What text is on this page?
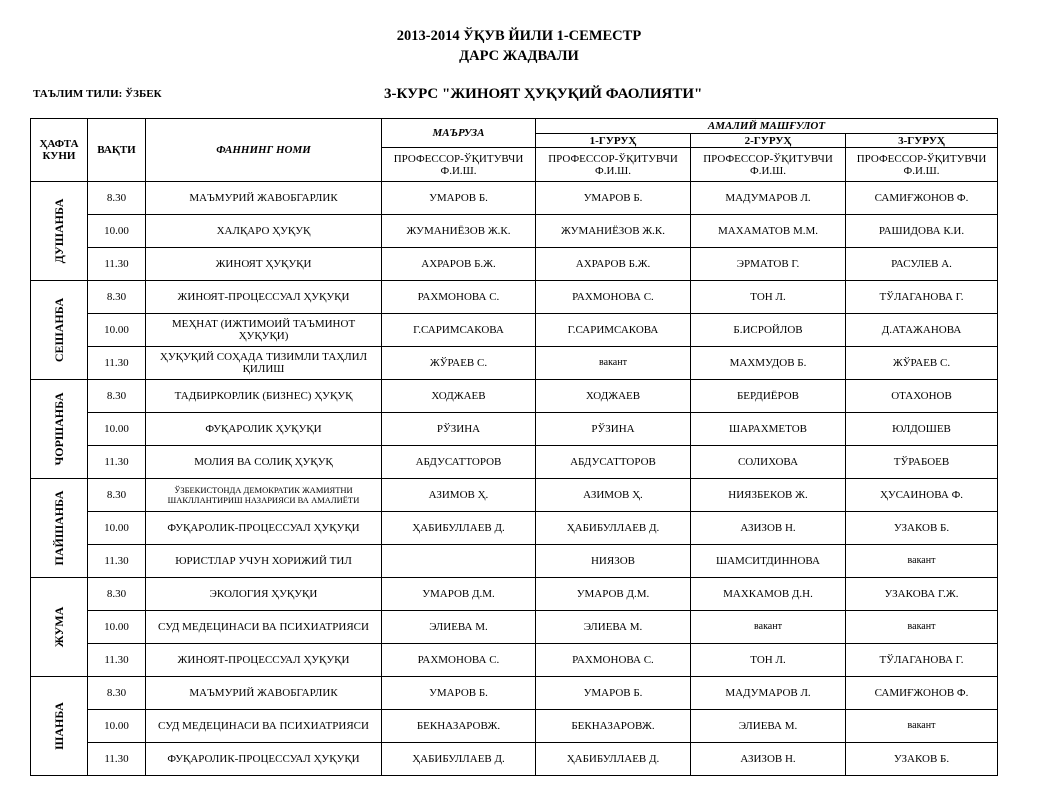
2013-2014 ЎҚУВ ЙИЛИ 1-СЕМЕСТР
ДАРС ЖАДВАЛИ
ТАЪЛИМ ТИЛИ: ЎЗБЕК	3-КУРС "ЖИНОЯТ ҲУҚУҚИЙ ФАОЛИЯТИ"
ҲАФТА КУНИ	ВАҚТИ	ФАННИНГ НОМИ	МАЪРУЗА	АМАЛИЙ МАШҒУЛОТ		
				1-ГУРУҲ	2-ГУРУҲ	3-ГУРУҲ
			ПРОФЕССОР-ЎҚИТУВЧИ Ф.И.Ш.	ПРОФЕССОР-ЎҚИТУВЧИ Ф.И.Ш.	ПРОФЕССОР-ЎҚИТУВЧИ Ф.И.Ш.	ПРОФЕССОР-ЎҚИТУВЧИ Ф.И.Ш.

ДУШАНБА	8.30	МАЪМУРИЙ ЖАВОБГАРЛИК	УМАРОВ Б.	УМАРОВ Б.	МАДУМАРОВ Л.	САМИҒЖОНОВ Ф.
	10.00	ХАЛҚАРО ҲУҚУҚ	ЖУМАНИЁЗОВ Ж.К.	ЖУМАНИЁЗОВ Ж.К.	МАХАМАТОВ М.М.	РАШИДОВА К.И.
	11.30	ЖИНОЯТ ҲУҚУҚИ	АХРАРОВ Б.Ж.	АХРАРОВ Б.Ж.	ЭРМАТОВ Г.	РАСУЛЕВ А.

СЕШАНБА	8.30	ЖИНОЯТ-ПРОЦЕССУАЛ ҲУҚУҚИ	РАХМОНОВА С.	РАХМОНОВА С.	ТОН Л.	ТЎЛАГАНОВА Г.
	10.00	МЕҲНАТ (ИЖТИМОИЙ ТАЪМИНОТ ҲУҚУҚИ)	Г.САРИМСАКОВА	Г.САРИМСАКОВА	Б.ИСРОЙЛОВ	Д.АТАЖАНОВА
	11.30	ҲУҚУҚИЙ СОҲАДА ТИЗИМЛИ ТАҲЛИЛ ҚИЛИШ	ЖЎРАЕВ С.	вакант	МАХМУДОВ Б.	ЖЎРАЕВ С.

ЧОРШАНБА	8.30	ТАДБИРКОРЛИК (БИЗНЕС) ҲУҚУҚ	ХОДЖАЕВ	ХОДЖАЕВ	БЕРДИЁРОВ	ОТАХОНОВ
	10.00	ФУҚАРОЛИК ҲУҚУҚИ	РЎЗИНА	РЎЗИНА	ШАРАХМЕТОВ	ЮЛДОШЕВ
	11.30	МОЛИЯ ВА СОЛИҚ ҲУҚУҚ	АБДУСАТТОРОВ	АБДУСАТТОРОВ	СОЛИХОВА	ТЎРАБОЕВ

ПАЙШАНБА	8.30	ЎЗБЕКИСТОНДА ДЕМОКРАТИК ЖАМИЯТНИ ШАКЛЛАНТИРИШ НАЗАРИЯСИ ВА АМАЛИЁТИ	АЗИМОВ Ҳ.	АЗИМОВ Ҳ.	НИЯЗБЕКОВ Ж.	ҲУСАИНОВА Ф.
	10.00	ФУҚАРОЛИК-ПРОЦЕССУАЛ ҲУҚУҚИ	ҲАБИБУЛЛАЕВ Д.	ҲАБИБУЛЛАЕВ Д.	АЗИЗОВ Н.	УЗАКОВ Б.
	11.30	ЮРИСТЛАР УЧУН ХОРИЖИЙ ТИЛ		НИЯЗОВ	ШАМСИТДИННОВА	вакант

ЖУМА	8.30	ЭКОЛОГИЯ ҲУҚУҚИ	УМАРОВ Д.М.	УМАРОВ Д.М.	МАХКАМОВ Д.Н.	УЗАКОВА Г.Ж.
	10.00	СУД МЕДЕЦИНАСИ ВА ПСИХИАТРИЯСИ	ЭЛИЕВА М.	ЭЛИЕВА М.	вакант	вакант
	11.30	ЖИНОЯТ-ПРОЦЕССУАЛ ҲУҚУҚИ	РАХМОНОВА С.	РАХМОНОВА С.	ТОН Л.	ТЎЛАГАНОВА Г.

ШАНБА	8.30	МАЪМУРИЙ ЖАВОБГАРЛИК	УМАРОВ Б.	УМАРОВ Б.	МАДУМАРОВ Л.	САМИҒЖОНОВ Ф.
	10.00	СУД МЕДЕЦИНАСИ ВА ПСИХИАТРИЯСИ	БЕКНАЗАРОВЖ.	БЕКНАЗАРОВЖ.	ЭЛИЕВА М.	вакант
	11.30	ФУҚАРОЛИК-ПРОЦЕССУАЛ ҲУҚУҚИ	ҲАБИБУЛЛАЕВ Д.	ҲАБИБУЛЛАЕВ Д.	АЗИЗОВ Н.	УЗАКОВ Б.
